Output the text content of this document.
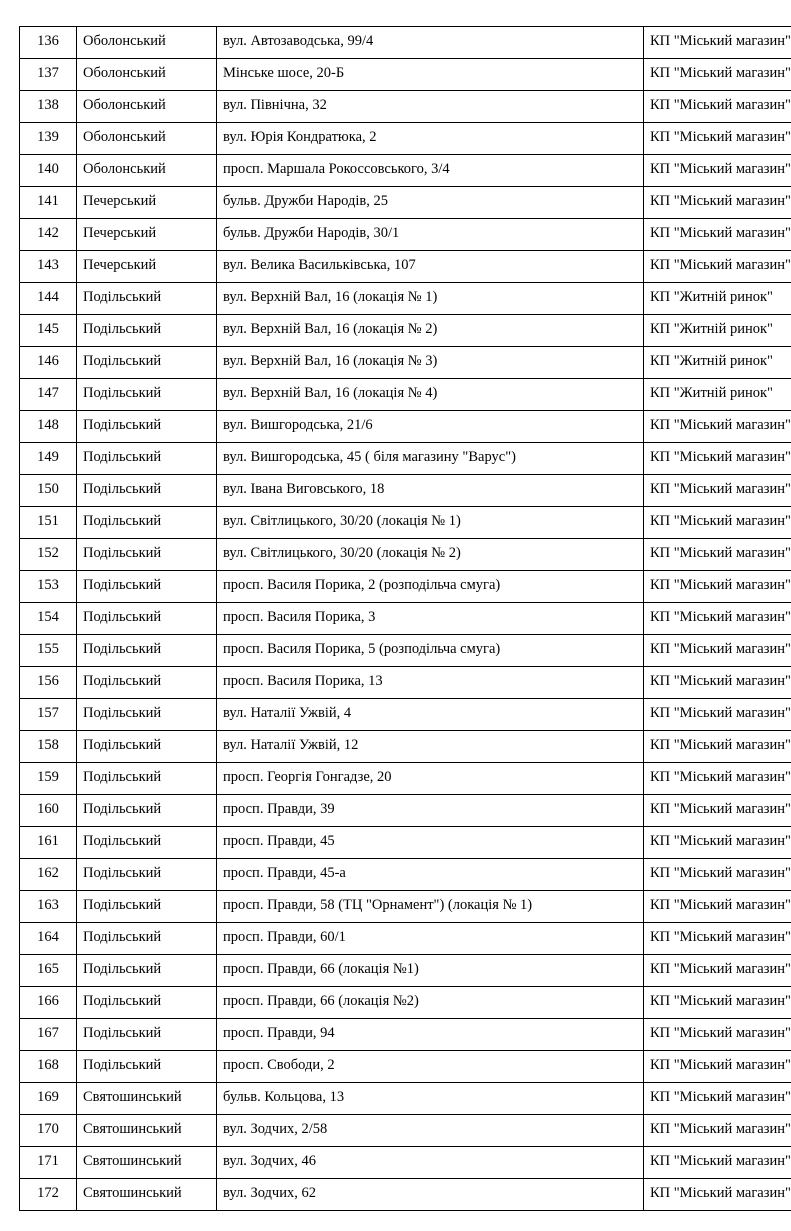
136	Оболонський	вул. Автозаводська, 99/4	КП "Міський магазин"
137	Оболонський	Мінське шосе, 20-Б	КП "Міський магазин"
138	Оболонський	вул. Північна, 32	КП "Міський магазин"
139	Оболонський	вул. Юрія Кондратюка, 2	КП "Міський магазин"
140	Оболонський	просп. Маршала Рокоссовського, 3/4	КП "Міський магазин"
141	Печерський	бульв. Дружби Народів, 25	КП "Міський магазин"
142	Печерський	бульв. Дружби Народів, 30/1	КП "Міський магазин"
143	Печерський	вул. Велика Васильківська, 107	КП "Міський магазин"
144	Подільський	вул. Верхній Вал, 16 (локація № 1)	КП "Житній ринок"
145	Подільський	вул. Верхній Вал, 16 (локація № 2)	КП "Житній ринок"
146	Подільський	вул. Верхній Вал, 16 (локація № 3)	КП "Житній ринок"
147	Подільський	вул. Верхній Вал, 16 (локація № 4)	КП "Житній ринок"
148	Подільський	вул. Вишгородська, 21/6	КП "Міський магазин"
149	Подільський	вул. Вишгородська, 45 ( біля магазину "Варус")	КП "Міський магазин"
150	Подільський	вул. Івана Виговського, 18	КП "Міський магазин"
151	Подільський	вул. Світлицького, 30/20 (локація № 1)	КП "Міський магазин"
152	Подільський	вул. Світлицького, 30/20 (локація № 2)	КП "Міський магазин"
153	Подільський	просп. Василя Порика, 2 (розподільча смуга)	КП "Міський магазин"
154	Подільський	просп. Василя Порика, 3	КП "Міський магазин"
155	Подільський	просп. Василя Порика, 5 (розподільча смуга)	КП "Міський магазин"
156	Подільський	просп. Василя Порика, 13	КП "Міський магазин"
157	Подільський	вул. Наталії Ужвій, 4	КП "Міський магазин"
158	Подільський	вул. Наталії Ужвій, 12	КП "Міський магазин"
159	Подільський	просп. Георгія Гонгадзе, 20	КП "Міський магазин"
160	Подільський	просп. Правди, 39	КП "Міський магазин"
161	Подільський	просп. Правди, 45	КП "Міський магазин"
162	Подільський	просп. Правди, 45-а	КП "Міський магазин"
163	Подільський	просп. Правди, 58 (ТЦ "Орнамент") (локація № 1)	КП "Міський магазин"
164	Подільський	просп. Правди, 60/1	КП "Міський магазин"
165	Подільський	просп. Правди, 66 (локація №1)	КП "Міський магазин"
166	Подільський	просп. Правди, 66 (локація №2)	КП "Міський магазин"
167	Подільський	просп. Правди, 94	КП "Міський магазин"
168	Подільський	просп. Свободи, 2	КП "Міський магазин"
169	Святошинський	бульв. Кольцова, 13	КП "Міський магазин"
170	Святошинський	вул. Зодчих, 2/58	КП "Міський магазин"
171	Святошинський	вул. Зодчих, 46	КП "Міський магазин"
172	Святошинський	вул. Зодчих, 62	КП "Міський магазин"
